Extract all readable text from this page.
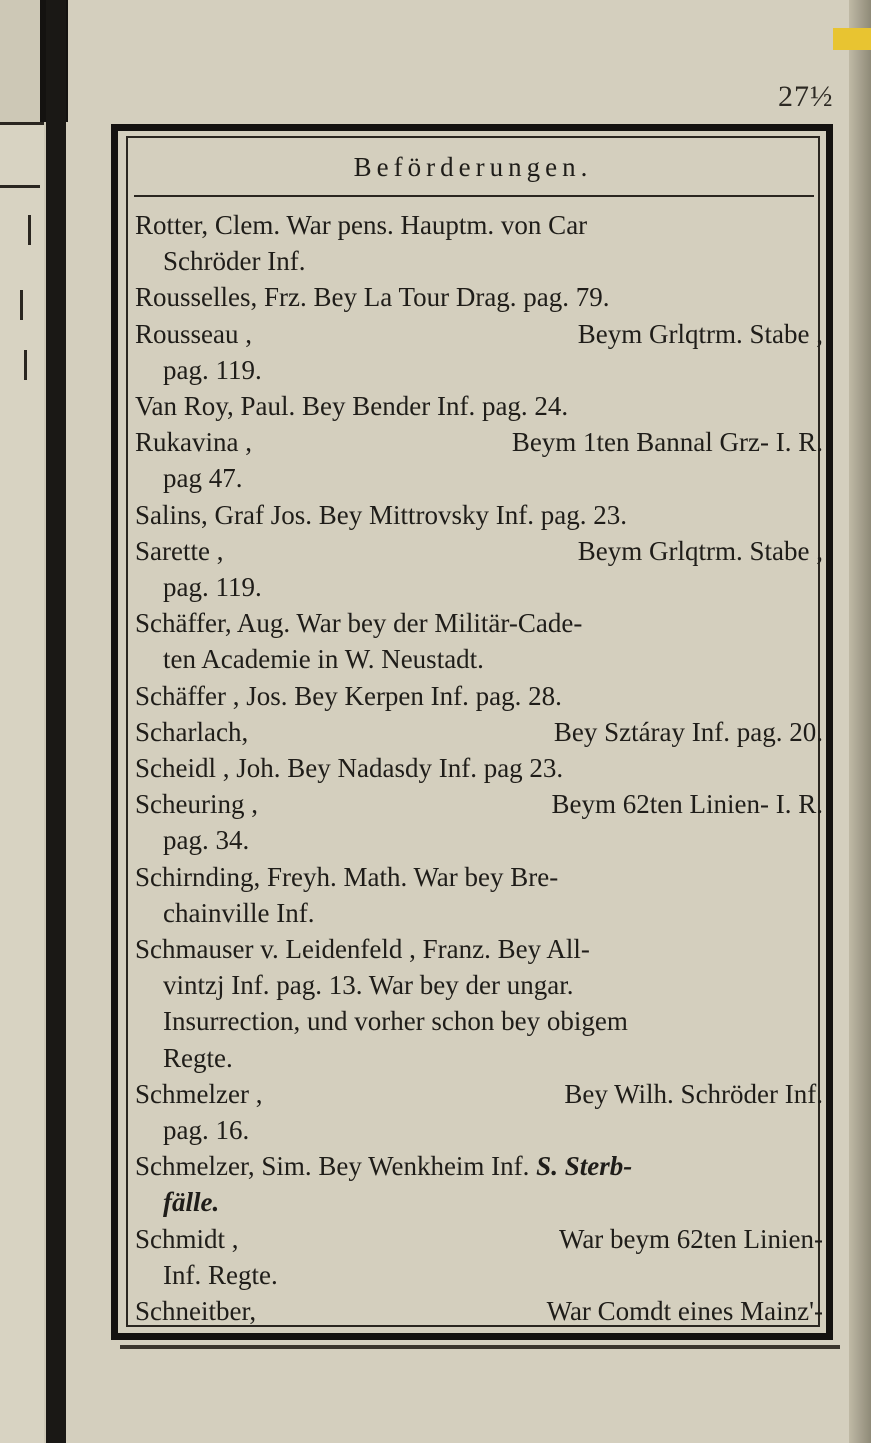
27½
Beförderungen.
Rotter, Clem. War pens. Hauptm. von Car
Schröder Inf.
Rousselles, Frz. Bey La Tour Drag. pag. 79.
Rousseau ,	Beym Grlqtrm. Stabe ,
pag. 119.
Van Roy, Paul. Bey Bender Inf. pag. 24.
Rukavina ,	Beym 1ten Bannal Grz- I. R.
pag 47.
Salins, Graf Jos. Bey Mittrovsky Inf. pag. 23.
Sarette ,	Beym Grlqtrm. Stabe ,
pag. 119.
Schäffer, Aug. War bey der Militär-Cade-
ten Academie in W. Neustadt.
Schäffer , Jos. Bey Kerpen Inf. pag. 28.
Scharlach,	Bey Sztáray Inf. pag. 20.
Scheidl , Joh. Bey Nadasdy Inf. pag 23.
Scheuring ,	Beym 62ten Linien- I. R.
pag. 34.
Schirnding, Freyh. Math. War bey Bre-
chainville Inf.
Schmauser v. Leidenfeld , Franz. Bey All-
vintzj Inf. pag. 13. War bey der ungar.
Insurrection, und vorher schon bey obigem
Regte.
Schmelzer ,	Bey Wilh. Schröder Inf.
pag. 16.
Schmelzer, Sim. Bey Wenkheim Inf. S. Sterb-
fälle.
Schmidt ,	War beym 62ten Linien-
Inf. Regte.
Schneitber,	War Comdt eines Mainz'-
